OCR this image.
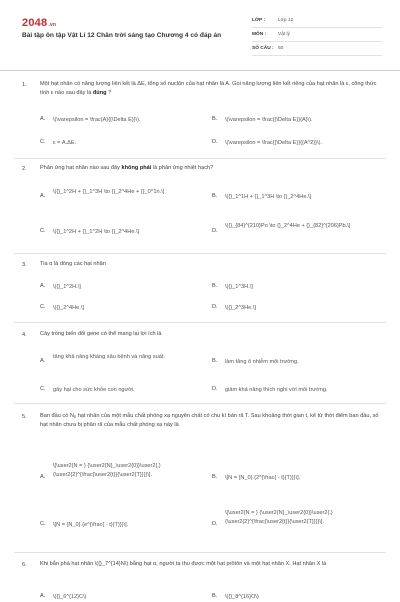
2048.vn
Bài tập ôn tập Vật Lí 12 Chân trời sáng tạo Chương 4 có đáp án
LỚP :	Lớp 12
MÔN : Vật lý
SỐ CÂU : 50
1. Một hạt nhân có năng lượng liên kết là ΔE, tổng số nuclôn của hạt nhân là A. Gọi năng lượng liên kết riêng của hạt nhân là ε, công thức tính ε nào sau đây là đúng ?
A. \(\varepsilon = \frac{A}{{\Delta E}}\).	B. \(\varepsilon = \frac{{\Delta E}}{A}\).
C. ε = A.ΔE.	D. \(\varepsilon = \frac{{\Delta E}}{{A^2}}\).
2. Phản ứng hạt nhân nào sau đây không phải là phản ứng nhiệt hạch?
A.
\({}_1^2H + {}_1^3H \to {}_2^4He + {}_0^1n.\]
B. \({}_1^1H + {}_1^3H \to {}_2^4He.\]
C. \({}_1^2H + {}_1^2H \to {}_2^4He.\]	D.
\({}_{84}^{210}Po \to {}_2^4He + {}_{82}^{206}Pb.\]
3. Tia α là dòng các hạt nhân
A. \({}_1^2H.\]	B. \({}_1^3H.\]
C. \({}_2^4He.\]	D. \({}_2^3He.\]
4. Cây trồng biến đổi gene có thể mang lại lợi ích là
A.
tăng khả năng kháng sâu bệnh và năng suất.
B. làm tăng ô nhiễm môi trường.
C. gây hại cho sức khỏe con người.	D. giảm khả năng thích nghi với môi trường.
5. Ban đầu có $N_0$ hạt nhân của một mẫu chất phóng xạ nguyên chất có chu kì bán rã T. Sau khoảng thời gian t, kể từ thời điểm ban đầu, số hạt nhân chưa bị phân rã của mẫu chất phóng xạ này là
A.
\[\user2{N = } {\user2{N}_\user2{0}}\user2{.} {\user2{2}^{\frac{\user2{t}}{\user2{T}}}}\].	B. \[N = {N_0}.{2^{\frac{ - t}{T}}}\].
C. \[N = {N_0}.{e^{\frac{ - t}{T}}}\].	D.
\[\user2{N = } {\user2{N}_\user2{0}}\user2{.} {\user2{2}^{\frac{\user2{t}}{\user2{T}}}}\].
6. Khi bắn phá hạt nhân \({}_7^{14}N\) bằng hạt α, người ta thu được một hạt prôtôn và một hạt nhân X. Hạt nhân X là
A. \({}_6^{12}C\)	B. \({}_8^{16}O\)
